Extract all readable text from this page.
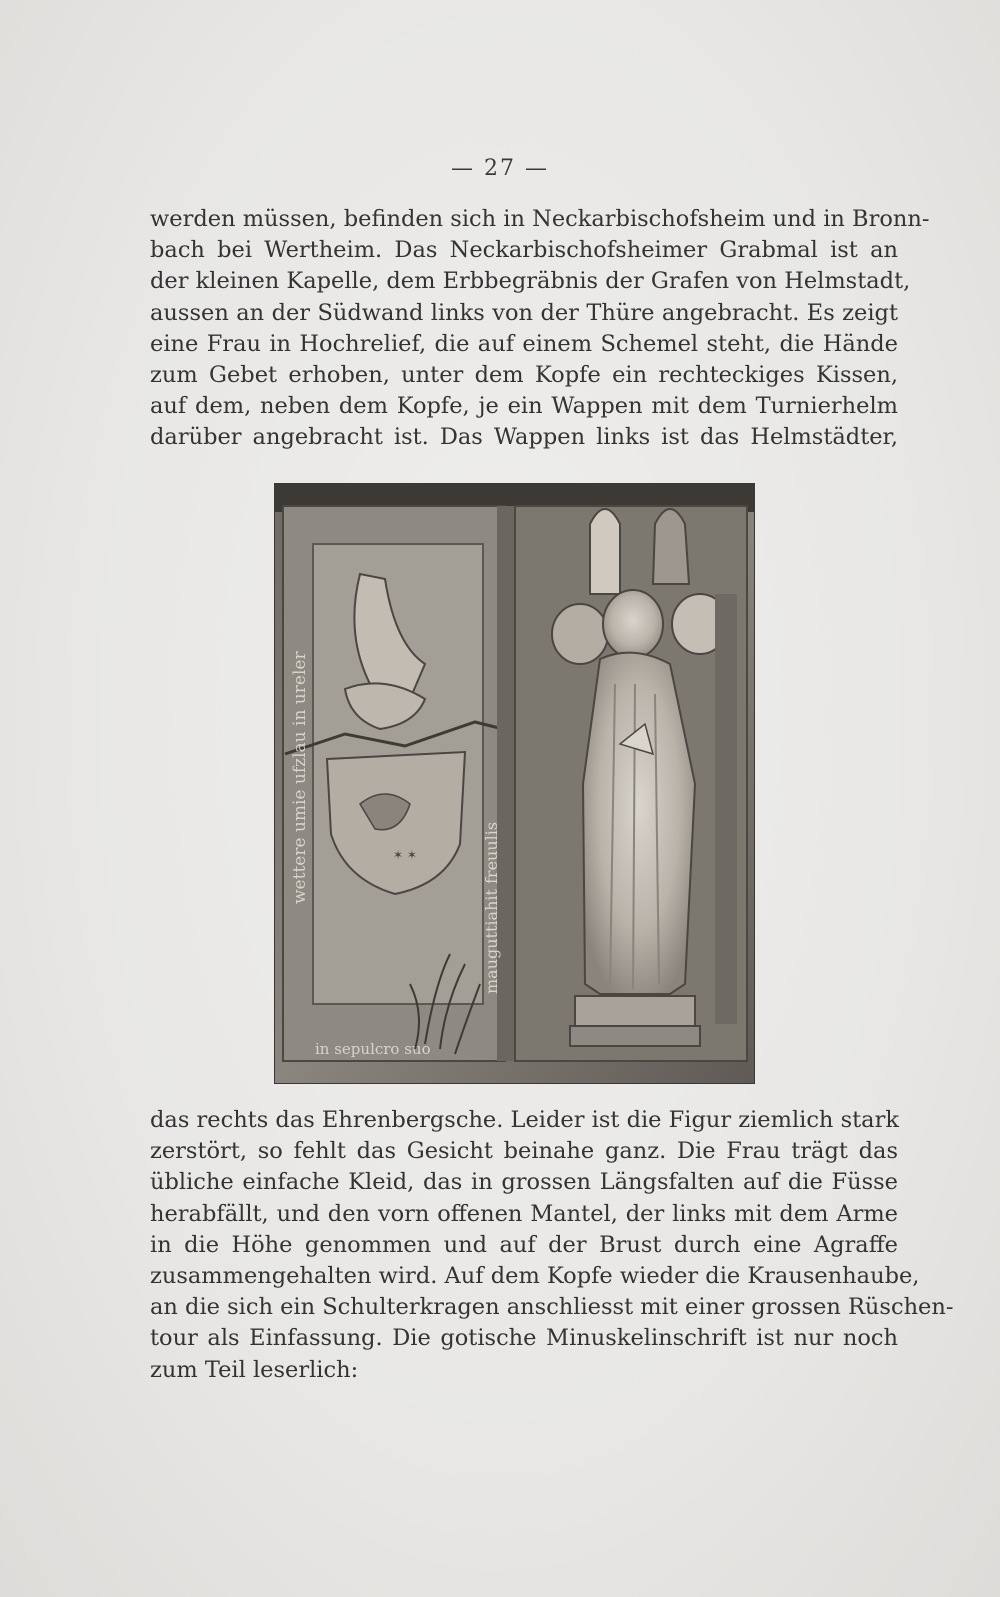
— 27 —
werden müssen, befinden sich in Neckarbischofsheim und in Bronn-
bach bei Wertheim. Das Neckarbischofsheimer Grabmal ist an
der kleinen Kapelle, dem Erbbegräbnis der Grafen von Helmstadt,
aussen an der Südwand links von der Thüre angebracht. Es zeigt
eine Frau in Hochrelief, die auf einem Schemel steht, die Hände
zum Gebet erhoben, unter dem Kopfe ein rechteckiges Kissen,
auf dem, neben dem Kopfe, je ein Wappen mit dem Turnierhelm
darüber angebracht ist. Das Wappen links ist das Helmstädter,
✶ ✶
wettere umie ufzlau in ureler
mauguttiahit freuulis
in sepulcro suo
das rechts das Ehrenbergsche. Leider ist die Figur ziemlich stark
zerstört, so fehlt das Gesicht beinahe ganz. Die Frau trägt das
übliche einfache Kleid, das in grossen Längsfalten auf die Füsse
herabfällt, und den vorn offenen Mantel, der links mit dem Arme
in die Höhe genommen und auf der Brust durch eine Agraffe
zusammengehalten wird. Auf dem Kopfe wieder die Krausenhaube,
an die sich ein Schulterkragen anschliesst mit einer grossen Rüschen-
tour als Einfassung. Die gotische Minuskelinschrift ist nur noch
zum Teil leserlich:
